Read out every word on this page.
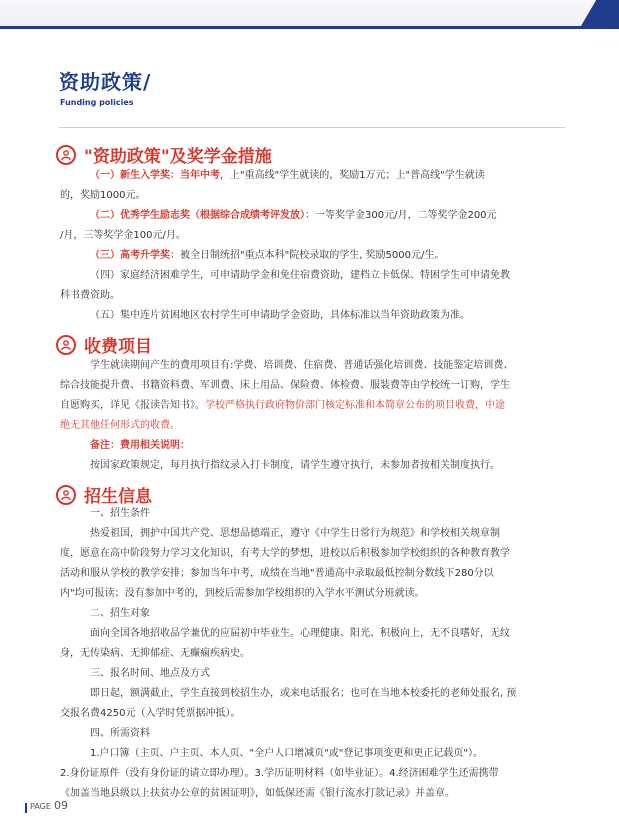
资助政策/
Funding policies
"资助政策"及奖学金措施
（一）新生入学奖：当年中考，上"重高线"学生就读的，奖励1万元；上"普高线"学生就读
的，奖励1000元。
（二）优秀学生励志奖（根据综合成绩考评发放）：一等奖学金300元/月，二等奖学金200元
/月，三等奖学金100元/月。
（三）高考升学奖：被全日制统招"重点本科"院校录取的学生, 奖励5000元/生。
（四）家庭经济困难学生，可申请助学金和免住宿费资助，建档立卡低保、特困学生可申请免教
科书费资助。
（五）集中连片贫困地区农村学生可申请助学金资助，具体标准以当年资助政策为准。
收费项目
学生就读期间产生的费用项目有:学费、培训费、住宿费、普通话强化培训费、技能鉴定培训费、
综合技能提升费、书籍资料费、军训费、床上用品、保险费、体检费、服装费等由学校统一订购，学生
自愿购买，详见《报读告知书》。学校严格执行政府物价部门核定标准和本简章公布的项目收费，中途
绝无其他任何形式的收费。
备注：费用相关说明：
按国家政策规定，每月执行指纹录入打卡制度，请学生遵守执行，未参加者按相关制度执行。
招生信息
一、招生条件
热爱祖国，拥护中国共产党、思想品德端正，遵守《中学生日常行为规范》和学校相关规章制
度，愿意在高中阶段努力学习文化知识，有考大学的梦想，进校以后积极参加学校组织的各种教育教学
活动和服从学校的教学安排；参加当年中考，成绩在当地"普通高中录取最低控制分数线下280分以
内"均可报读；没有参加中考的，到校后需参加学校组织的入学水平测试分班就读。
二、招生对象
面向全国各地招收品学兼优的应届初中毕业生。心理健康、阳光、积极向上，无不良嗜好，无纹
身，无传染病、无抑郁症、无癫痫疾病史。
三、报名时间、地点及方式
即日起，额满截止，学生直接到校招生办，或来电话报名；也可在当地本校委托的老师处报名, 预
交报名费4250元（入学时凭票据冲抵）。
四、所需资料
1.户口簿（主页、户主页、本人页、"全户人口增减页"或"登记事项变更和更正记载页"）。
2.身份证原件（没有身份证的请立即办理）。3.学历证明材料（如毕业证）。4.经济困难学生还需携带
《加盖当地县级以上扶贫办公章的贫困证明》，如低保还需《银行流水打款记录》并盖章。
PAGE 09
